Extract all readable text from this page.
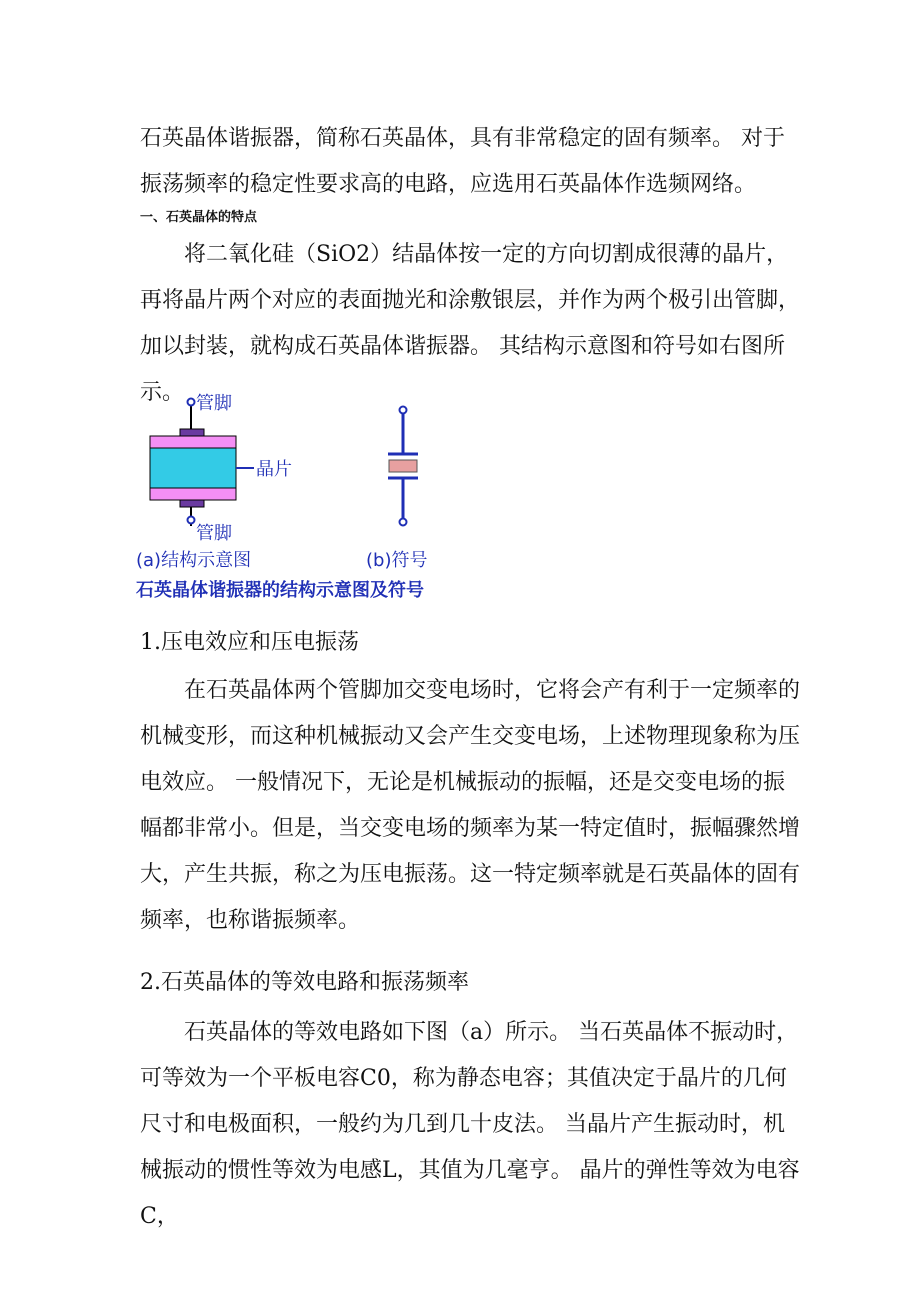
石英晶体谐振器，简称石英晶体，具有非常稳定的固有频率。 对于振荡频率的稳定性要求高的电路，应选用石英晶体作选频网络。

一、石英晶体的特点

将二氧化硅（SiO2）结晶体按一定的方向切割成很薄的晶片，再将晶片两个对应的表面抛光和涂敷银层，并作为两个极引出管脚，加以封装，就构成石英晶体谐振器。 其结构示意图和符号如右图所示。 管脚
晶片
管脚
(a)结构示意图	(b)符号
石英晶体谐振器的结构示意图及符号

1.压电效应和压电振荡

在石英晶体两个管脚加交变电场时，它将会产有利于一定频率的机械变形，而这种机械振动又会产生交变电场，上述物理现象称为压电效应。 一般情况下，无论是机械振动的振幅，还是交变电场的振幅都非常小。但是，当交变电场的频率为某一特定值时，振幅骤然增大，产生共振，称之为压电振荡。这一特定频率就是石英晶体的固有频率，也称谐振频率。

2.石英晶体的等效电路和振荡频率

石英晶体的等效电路如下图（a）所示。 当石英晶体不振动时，可等效为一个平板电容C0，称为静态电容；其值决定于晶片的几何尺寸和电极面积，一般约为几到几十皮法。 当晶片产生振动时，机械振动的惯性等效为电感L，其值为几毫亨。 晶片的弹性等效为电容C，
